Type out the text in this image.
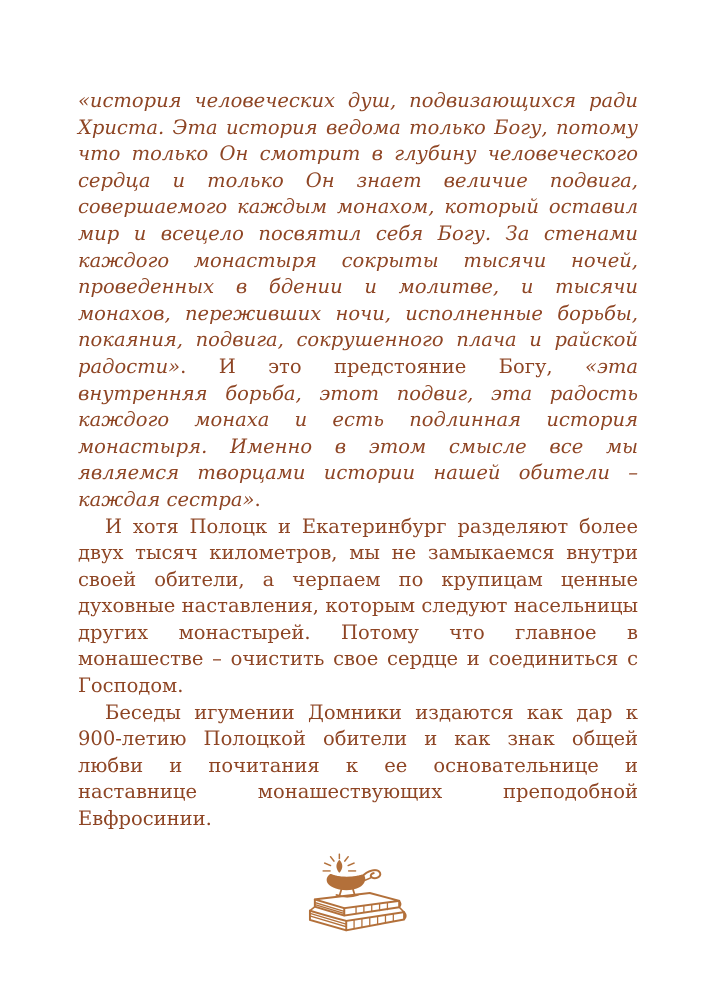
«история человеческих душ, подвизающихся ради Христа. Эта история ведома только Богу, потому что только Он смотрит в глубину человеческого сердца и только Он знает величие подвига, совершаемого каждым монахом, который оставил мир и всецело посвятил себя Богу. За стенами каждого монастыря сокрыты тысячи ночей, проведенных в бдении и молитве, и тысячи монахов, переживших ночи, исполненные борьбы, покаяния, подвига, сокрушенного плача и райской радости». И это предстояние Богу, «эта внутренняя борьба, этот подвиг, эта радость каждого монаха и есть подлинная история монастыря. Именно в этом смысле все мы являемся творцами истории нашей обители – каждая сестра».

И хотя Полоцк и Екатеринбург разделяют более двух тысяч километров, мы не замыкаемся внутри своей обители, а черпаем по крупицам ценные духовные наставления, которым следуют насельницы других монастырей. Потому что главное в монашестве – очистить свое сердце и соединиться с Господом.

Беседы игумении Домники издаются как дар к 900-летию Полоцкой обители и как знак общей любви и почитания к ее основательнице и наставнице монашествующих преподобной Евфросинии.
